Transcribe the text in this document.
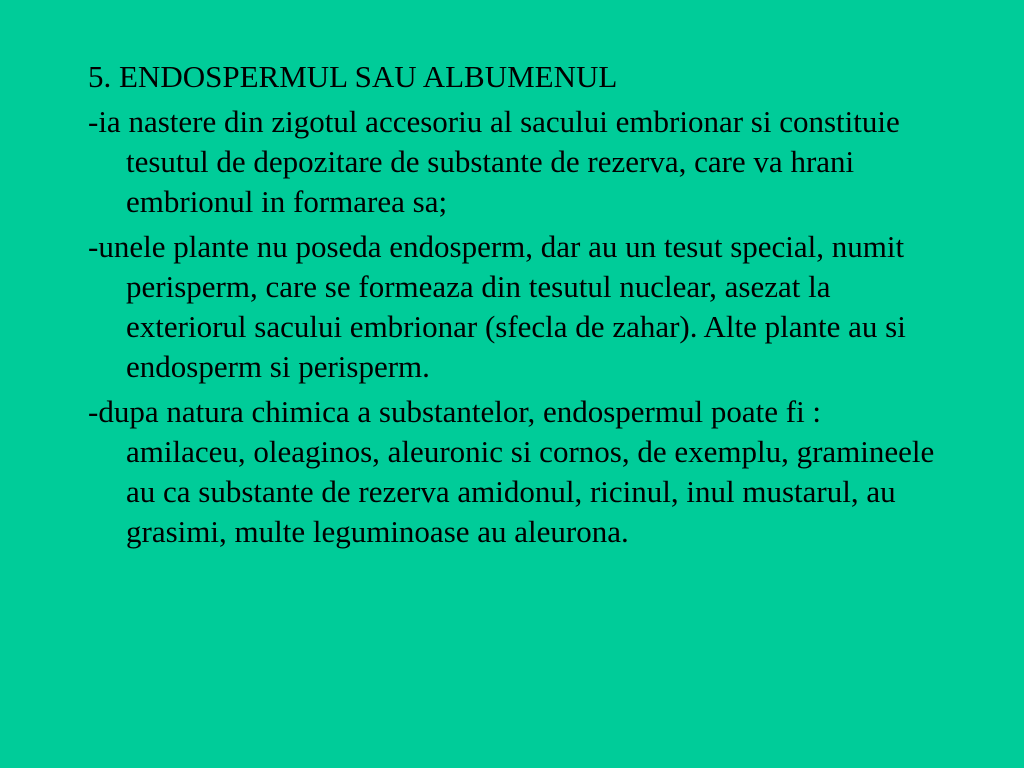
5. ENDOSPERMUL SAU ALBUMENUL
-ia nastere din zigotul accesoriu al sacului embrionar si constituie tesutul de depozitare de substante de rezerva, care va hrani embrionul in formarea sa;
-unele plante nu poseda endosperm, dar au un tesut special, numit perisperm, care se formeaza din tesutul nuclear, asezat la exteriorul sacului embrionar (sfecla de zahar). Alte plante au si endosperm si perisperm.
-dupa natura chimica a substantelor, endospermul poate fi : amilaceu, oleaginos, aleuronic si cornos, de exemplu, gramineele au ca substante de rezerva amidonul, ricinul, inul mustarul, au grasimi, multe leguminoase au aleurona.
